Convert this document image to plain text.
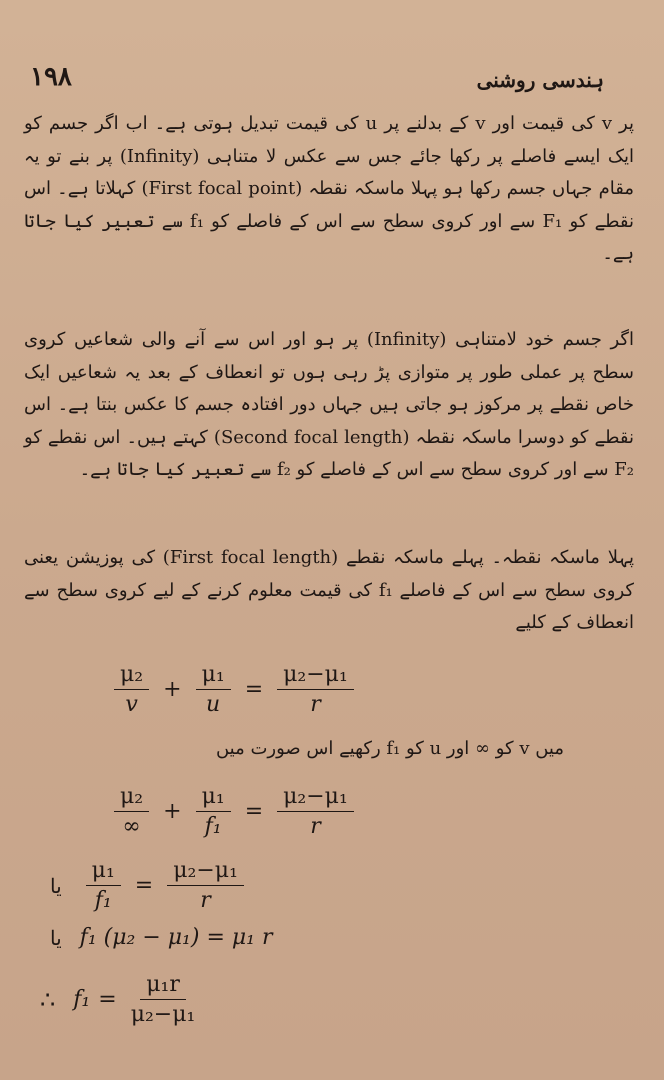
۱۹۸	ہندسی روشنی
پر v کی قیمت اور v کے بدلنے پر u کی قیمت تبدیل ہوتی ہے۔ اب اگر جسم کو ایک ایسے فاصلے پر رکھا جائے جس سے عکس لا متناہی (Infinity) پر بنے تو یہ مقام جہاں جسم رکھا ہو پہلا ماسکہ نقطہ (First focal point) کہلاتا ہے۔ اس نقطے کو F₁ سے اور کروی سطح سے اس کے فاصلے کو f₁ سے تعبیر کیا جاتا ہے۔
اگر جسم خود لامتناہی (Infinity) پر ہو اور اس سے آنے والی شعاعیں کروی سطح پر عملی طور پر متوازی پڑ رہی ہوں تو انعطاف کے بعد یہ شعاعیں ایک خاص نقطے پر مرکوز ہو جاتی ہیں جہاں دور افتادہ جسم کا عکس بنتا ہے۔ اس نقطے کو دوسرا ماسکہ نقطہ (Second focal length) کہتے ہیں۔ اس نقطے کو F₂ سے اور کروی سطح سے اس کے فاصلے کو f₂ سے تعبیر کیا جاتا ہے۔
پہلا ماسکہ نقطہ۔ پہلے ماسکہ نقطے (First focal length) کی پوزیشن یعنی کروی سطح سے اس کے فاصلے f₁ کی قیمت معلوم کرنے کے لیے کروی سطح سے انعطاف کے کلیے
$\frac{\text{μ₂}}{v} + \frac{\text{μ₁}}{u} = \frac{\text{μ₂−μ₁}}{r}$
میں v کو ∞ اور u کو f₁ رکھیے اس صورت میں
$\frac{\text{μ₂}}{\infty} + \frac{\text{μ₁}}{\text{f₁}} = \frac{\text{μ₂−μ₁}}{r}$
یا $\frac{\text{μ₁}}{\text{f₁}} = \frac{\text{μ₂−μ₁}}{r}$
یا f₁ (μ₂ − μ₁) = μ₁ r
∴ $f_1 = \frac{\text{μ₁r}}{\text{μ₂−μ₁}}$
